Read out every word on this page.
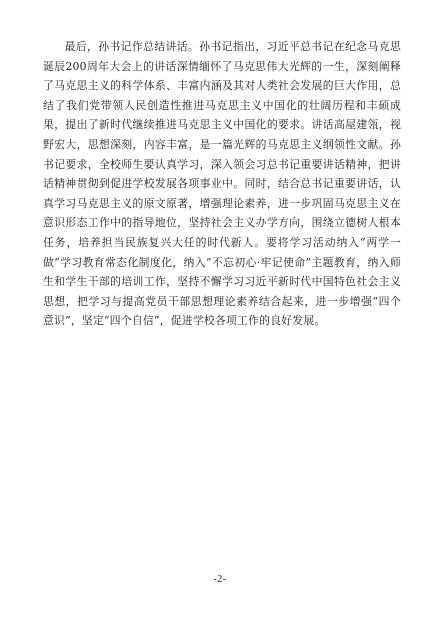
最后，孙书记作总结讲话。孙书记指出，习近平总书记在纪念马克思诞辰200周年大会上的讲话深情缅怀了马克思伟大光辉的一生，深刻阐释了马克思主义的科学体系、丰富内涵及其对人类社会发展的巨大作用，总结了我们党带领人民创造性推进马克思主义中国化的壮阔历程和丰硕成果，提出了新时代继续推进马克思主义中国化的要求。讲话高屋建瓴，视野宏大，思想深刻，内容丰富，是一篇光辉的马克思主义纲领性文献。孙书记要求，全校师生要认真学习，深入领会习总书记重要讲话精神，把讲话精神贯彻到促进学校发展各项事业中。同时，结合总书记重要讲话，认真学习马克思主义的原文原著，增强理论素养，进一步巩固马克思主义在意识形态工作中的指导地位，坚持社会主义办学方向，围绕立德树人根本任务，培养担当民族复兴大任的时代新人。要将学习活动纳入“两学一做”学习教育常态化制度化，纳入“不忘初心·牢记使命”主题教育，纳入师生和学生干部的培训工作，坚持不懈学习习近平新时代中国特色社会主义思想，把学习与提高党员干部思想理论素养结合起来，进一步增强“四个意识”，坚定“四个自信”，促进学校各项工作的良好发展。

-2-
